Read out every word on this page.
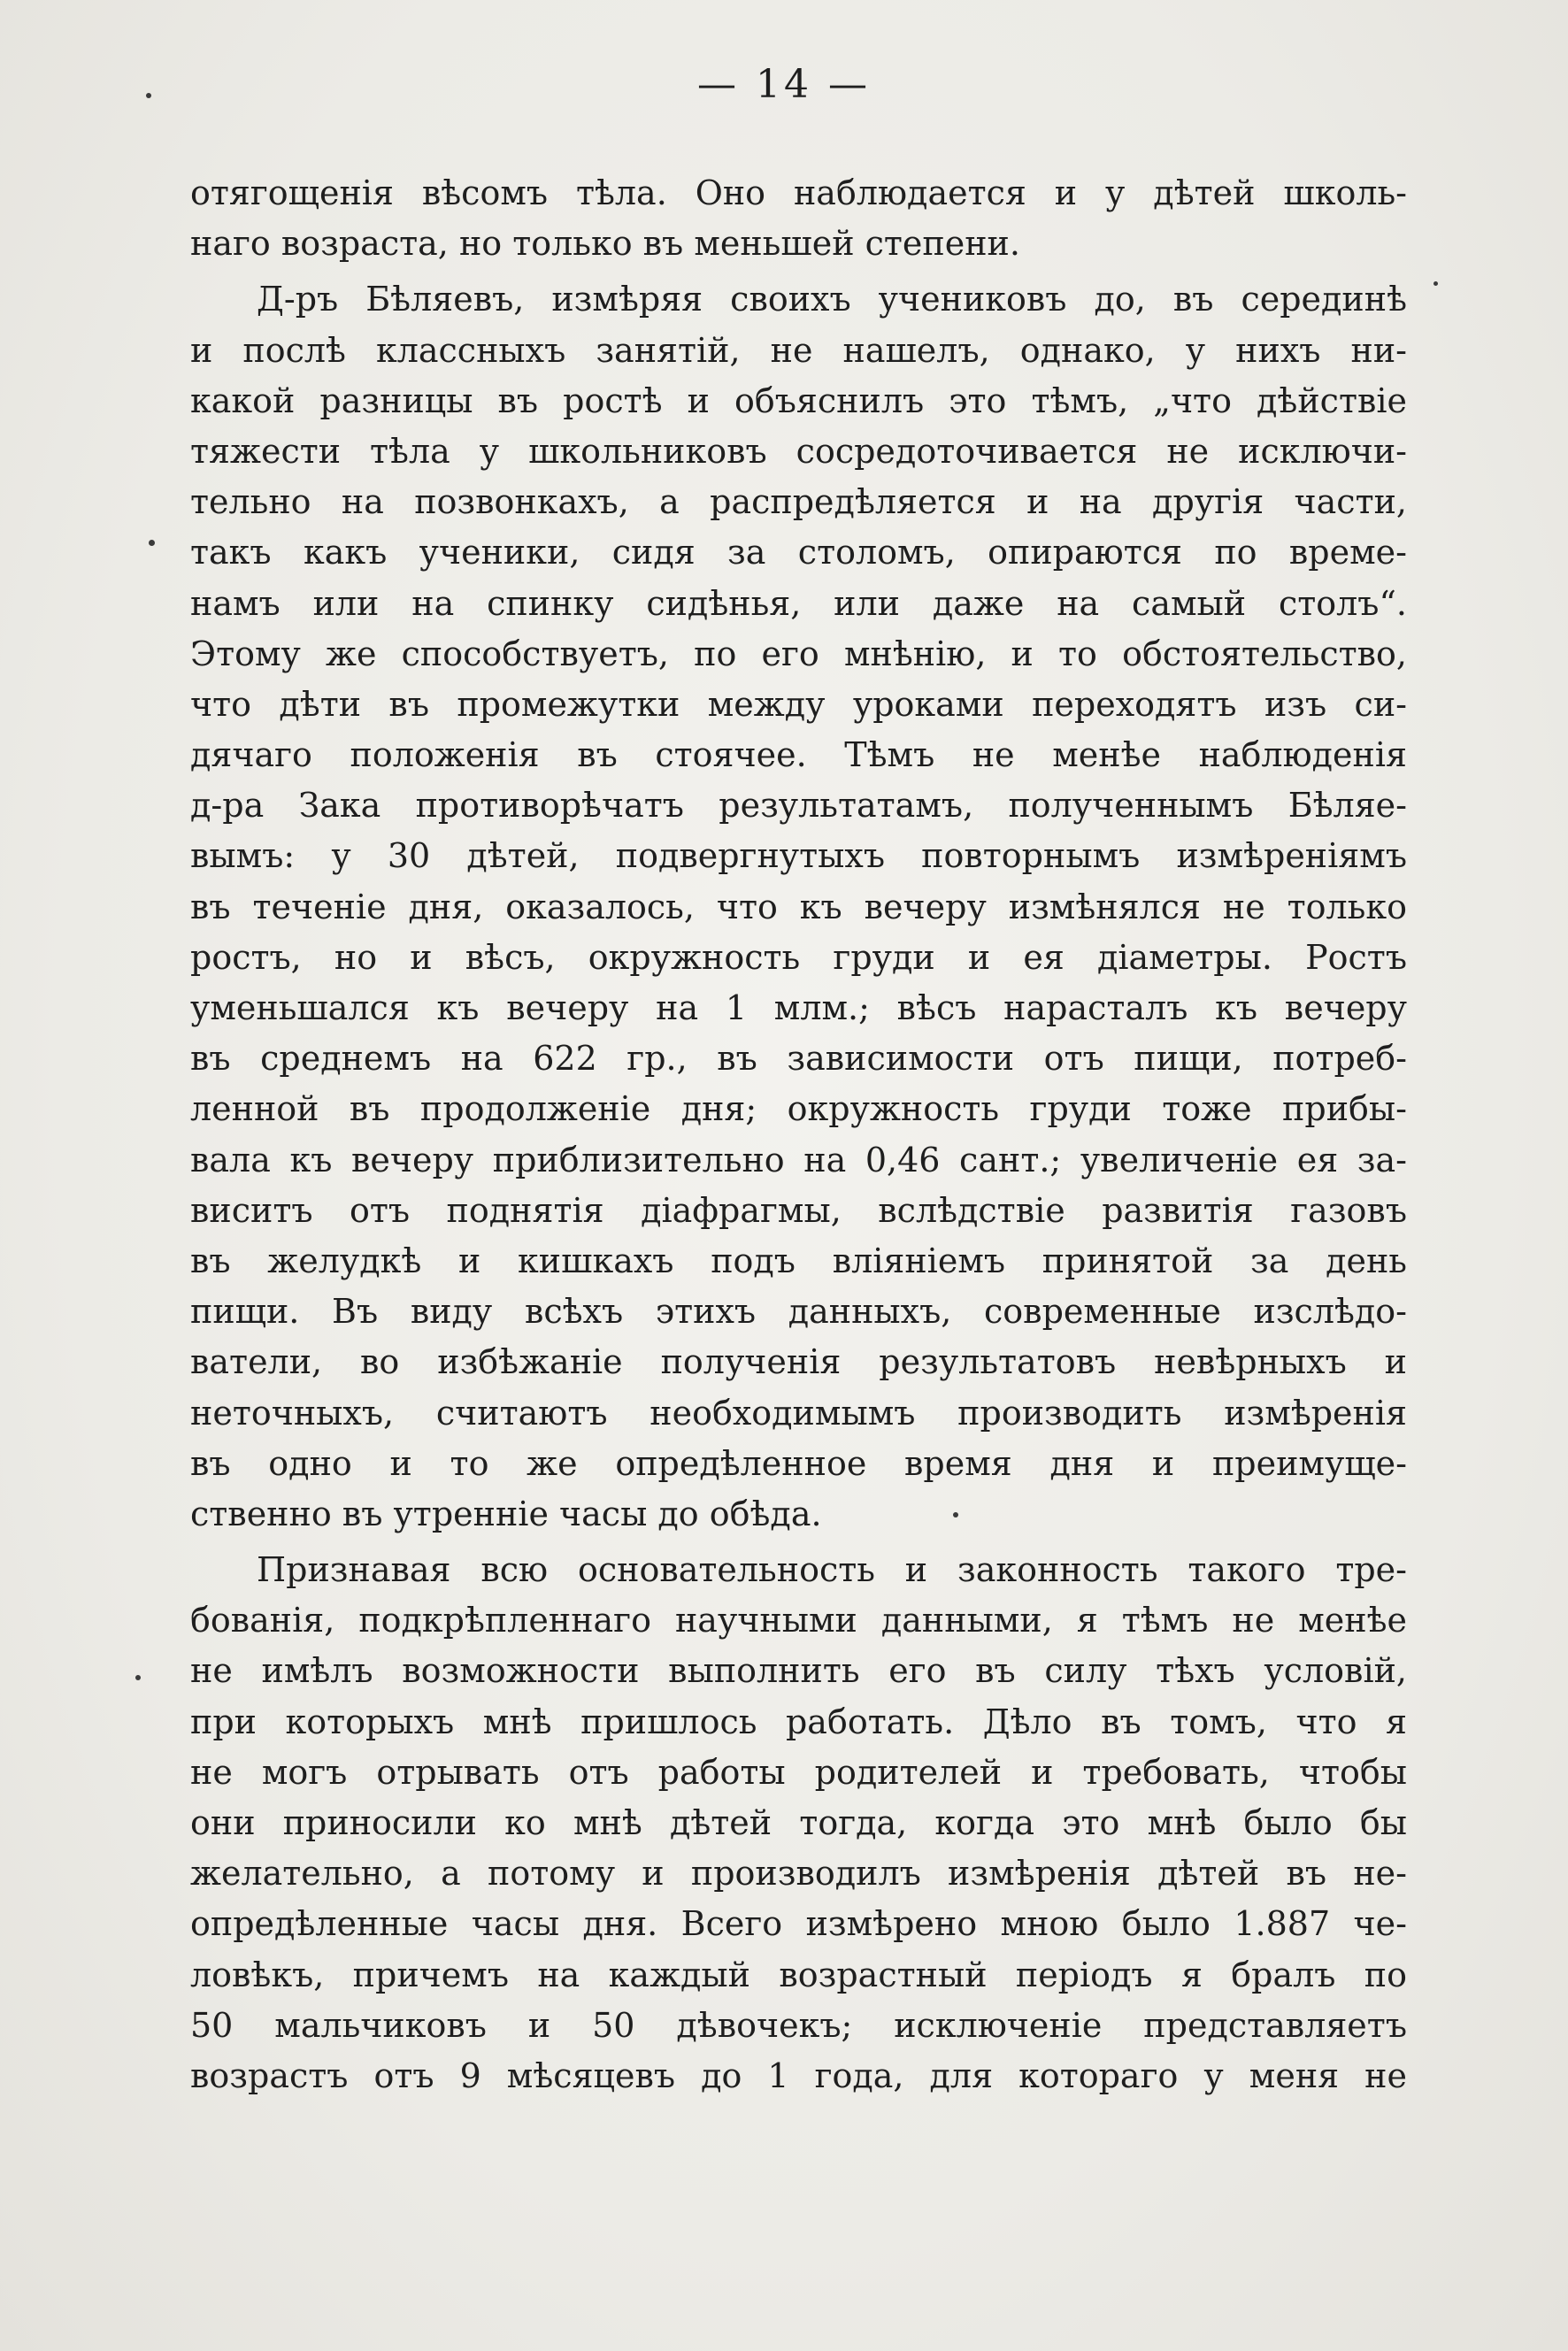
— 14 —
отягощенія вѣсомъ тѣла. Оно наблюдается и у дѣтей школь-
наго возраста, но только въ меньшей степени.
Д-ръ Бѣляевъ, измѣряя своихъ учениковъ до, въ серединѣ
и послѣ классныхъ занятій, не нашелъ, однако, у нихъ ни-
какой разницы въ ростѣ и объяснилъ это тѣмъ, „что дѣйствіе
тяжести тѣла у школьниковъ сосредоточивается не исключи-
тельно на позвонкахъ, а распредѣляется и на другія части,
такъ какъ ученики, сидя за столомъ, опираются по време-
намъ или на спинку сидѣнья, или даже на самый столъ“.
Этому же способствуетъ, по его мнѣнію, и то обстоятельство,
что дѣти въ промежутки между уроками переходятъ изъ си-
дячаго положенія въ стоячее. Тѣмъ не менѣе наблюденія
д-ра Зака противорѣчатъ результатамъ, полученнымъ Бѣляе-
вымъ: у 30 дѣтей, подвергнутыхъ повторнымъ измѣреніямъ
въ теченіе дня, оказалось, что къ вечеру измѣнялся не только
ростъ, но и вѣсъ, окружность груди и ея діаметры. Ростъ
уменьшался къ вечеру на 1 млм.; вѣсъ нарасталъ къ вечеру
въ среднемъ на 622 гр., въ зависимости отъ пищи, потреб-
ленной въ продолженіе дня; окружность груди тоже прибы-
вала къ вечеру приблизительно на 0,46 сант.; увеличеніе ея за-
виситъ отъ поднятія діафрагмы, вслѣдствіе развитія газовъ
въ желудкѣ и кишкахъ подъ вліяніемъ принятой за день
пищи. Въ виду всѣхъ этихъ данныхъ, современные изслѣдо-
ватели, во избѣжаніе полученія результатовъ невѣрныхъ и
неточныхъ, считаютъ необходимымъ производить измѣренія
въ одно и то же опредѣленное время дня и преимуще-
ственно въ утренніе часы до обѣда.
Признавая всю основательность и законность такого тре-
бованія, подкрѣпленнаго научными данными, я тѣмъ не менѣе
не имѣлъ возможности выполнить его въ силу тѣхъ условій,
при которыхъ мнѣ пришлось работать. Дѣло въ томъ, что я
не могъ отрывать отъ работы родителей и требовать, чтобы
они приносили ко мнѣ дѣтей тогда, когда это мнѣ было бы
желательно, а потому и производилъ измѣренія дѣтей въ не-
опредѣленные часы дня. Всего измѣрено мною было 1.887 че-
ловѣкъ, причемъ на каждый возрастный періодъ я бралъ по
50 мальчиковъ и 50 дѣвочекъ; исключеніе представляетъ
возрастъ отъ 9 мѣсяцевъ до 1 года, для котораго у меня не
